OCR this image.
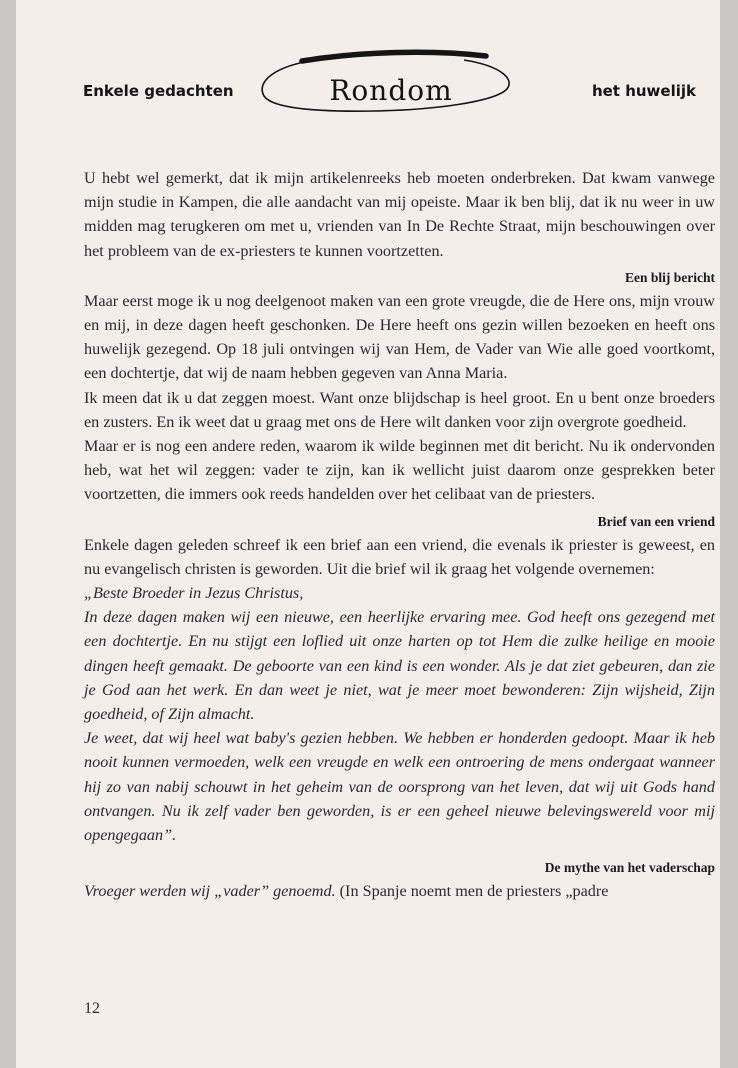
Enkele gedachten	Rondom	het huwelijk

U hebt wel gemerkt, dat ik mijn artikelenreeks heb moeten onderbreken. Dat kwam vanwege mijn studie in Kampen, die alle aandacht van mij opeiste. Maar ik ben blij, dat ik nu weer in uw midden mag terugkeren om met u, vrienden van In De Rechte Straat, mijn beschouwingen over het probleem van de ex-priesters te kunnen voortzetten.

Een blij bericht

Maar eerst moge ik u nog deelgenoot maken van een grote vreugde, die de Here ons, mijn vrouw en mij, in deze dagen heeft geschonken. De Here heeft ons gezin willen bezoeken en heeft ons huwelijk gezegend. Op 18 juli ontvingen wij van Hem, de Vader van Wie alle goed voortkomt, een dochtertje, dat wij de naam hebben gegeven van Anna Maria.

Ik meen dat ik u dat zeggen moest. Want onze blijdschap is heel groot. En u bent onze broeders en zusters. En ik weet dat u graag met ons de Here wilt danken voor zijn overgrote goedheid.

Maar er is nog een andere reden, waarom ik wilde beginnen met dit bericht. Nu ik ondervonden heb, wat het wil zeggen: vader te zijn, kan ik wellicht juist daarom onze gesprekken beter voortzetten, die immers ook reeds handelden over het celibaat van de priesters.

Brief van een vriend

Enkele dagen geleden schreef ik een brief aan een vriend, die evenals ik priester is geweest, en nu evangelisch christen is geworden. Uit die brief wil ik graag het volgende overnemen:

„Beste Broeder in Jezus Christus,

In deze dagen maken wij een nieuwe, een heerlijke ervaring mee. God heeft ons gezegend met een dochtertje. En nu stijgt een loflied uit onze harten op tot Hem die zulke heilige en mooie dingen heeft gemaakt. De geboorte van een kind is een wonder. Als je dat ziet gebeuren, dan zie je God aan het werk. En dan weet je niet, wat je meer moet bewonderen: Zijn wijsheid, Zijn goedheid, of Zijn almacht.

Je weet, dat wij heel wat baby's gezien hebben. We hebben er honderden gedoopt. Maar ik heb nooit kunnen vermoeden, welk een vreugde en welk een ontroering de mens ondergaat wanneer hij zo van nabij schouwt in het geheim van de oorsprong van het leven, dat wij uit Gods hand ontvangen. Nu ik zelf vader ben geworden, is er een geheel nieuwe belevingswereld voor mij opengegaan”.

De mythe van het vaderschap

Vroeger werden wij „vader” genoemd. (In Spanje noemt men de priesters „padre

12
